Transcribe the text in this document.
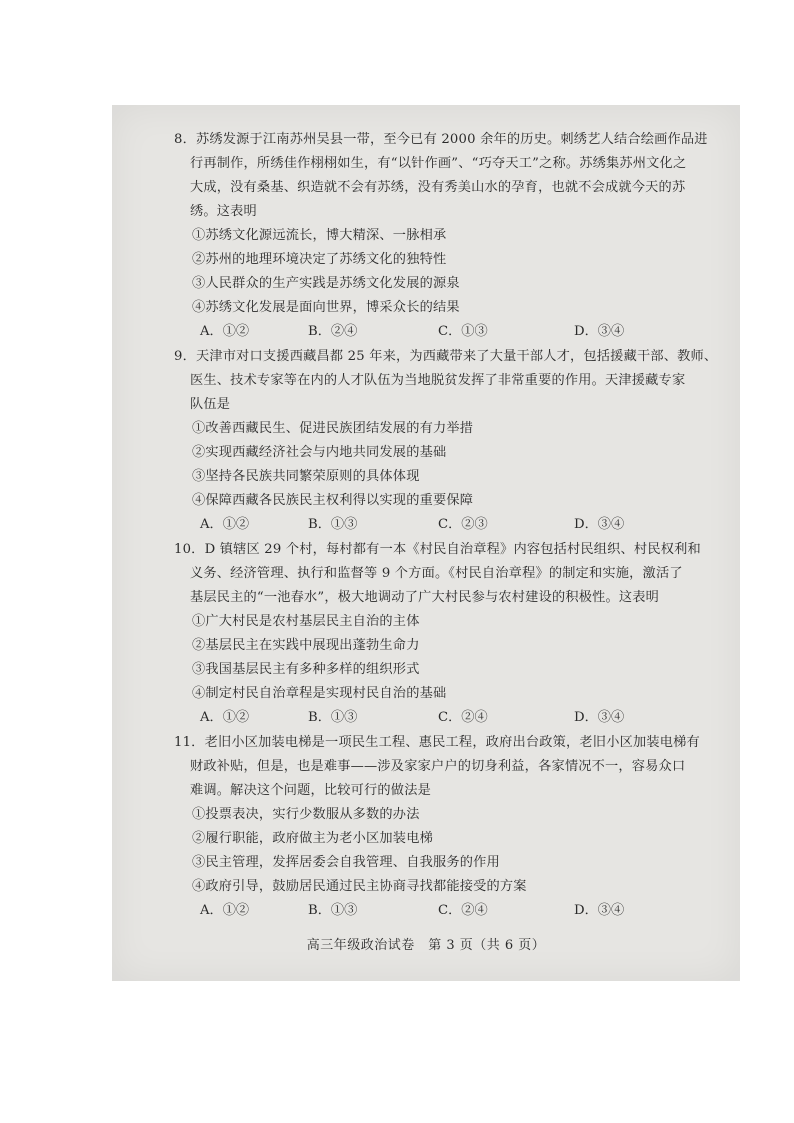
8．苏绣发源于江南苏州吴县一带，至今已有 2000 余年的历史。刺绣艺人结合绘画作品进
行再制作，所绣佳作栩栩如生，有“以针作画”、“巧夺天工”之称。苏绣集苏州文化之
大成，没有桑基、织造就不会有苏绣，没有秀美山水的孕育，也就不会成就今天的苏
绣。这表明
①苏绣文化源远流长，博大精深、一脉相承
②苏州的地理环境决定了苏绣文化的独特性
③人民群众的生产实践是苏绣文化发展的源泉
④苏绣文化发展是面向世界，博采众长的结果
A．①②	B．②④	C．①③	D．③④
9．天津市对口支援西藏昌都 25 年来，为西藏带来了大量干部人才，包括援藏干部、教师、
医生、技术专家等在内的人才队伍为当地脱贫发挥了非常重要的作用。天津援藏专家
队伍是
①改善西藏民生、促进民族团结发展的有力举措
②实现西藏经济社会与内地共同发展的基础
③坚持各民族共同繁荣原则的具体体现
④保障西藏各民族民主权利得以实现的重要保障
A．①②	B．①③	C．②③	D．③④
10．D 镇辖区 29 个村，每村都有一本《村民自治章程》内容包括村民组织、村民权利和
义务、经济管理、执行和监督等 9 个方面。《村民自治章程》的制定和实施，激活了
基层民主的“一池春水”，极大地调动了广大村民参与农村建设的积极性。这表明
①广大村民是农村基层民主自治的主体
②基层民主在实践中展现出蓬勃生命力
③我国基层民主有多种多样的组织形式
④制定村民自治章程是实现村民自治的基础
A．①②	B．①③	C．②④	D．③④
11．老旧小区加装电梯是一项民生工程、惠民工程，政府出台政策，老旧小区加装电梯有
财政补贴，但是，也是难事——涉及家家户户的切身利益，各家情况不一，容易众口
难调。解决这个问题，比较可行的做法是
①投票表决，实行少数服从多数的办法
②履行职能，政府做主为老小区加装电梯
③民主管理，发挥居委会自我管理、自我服务的作用
④政府引导，鼓励居民通过民主协商寻找都能接受的方案
A．①②	B．①③	C．②④	D．③④
高三年级政治试卷　第 3 页（共 6 页）
